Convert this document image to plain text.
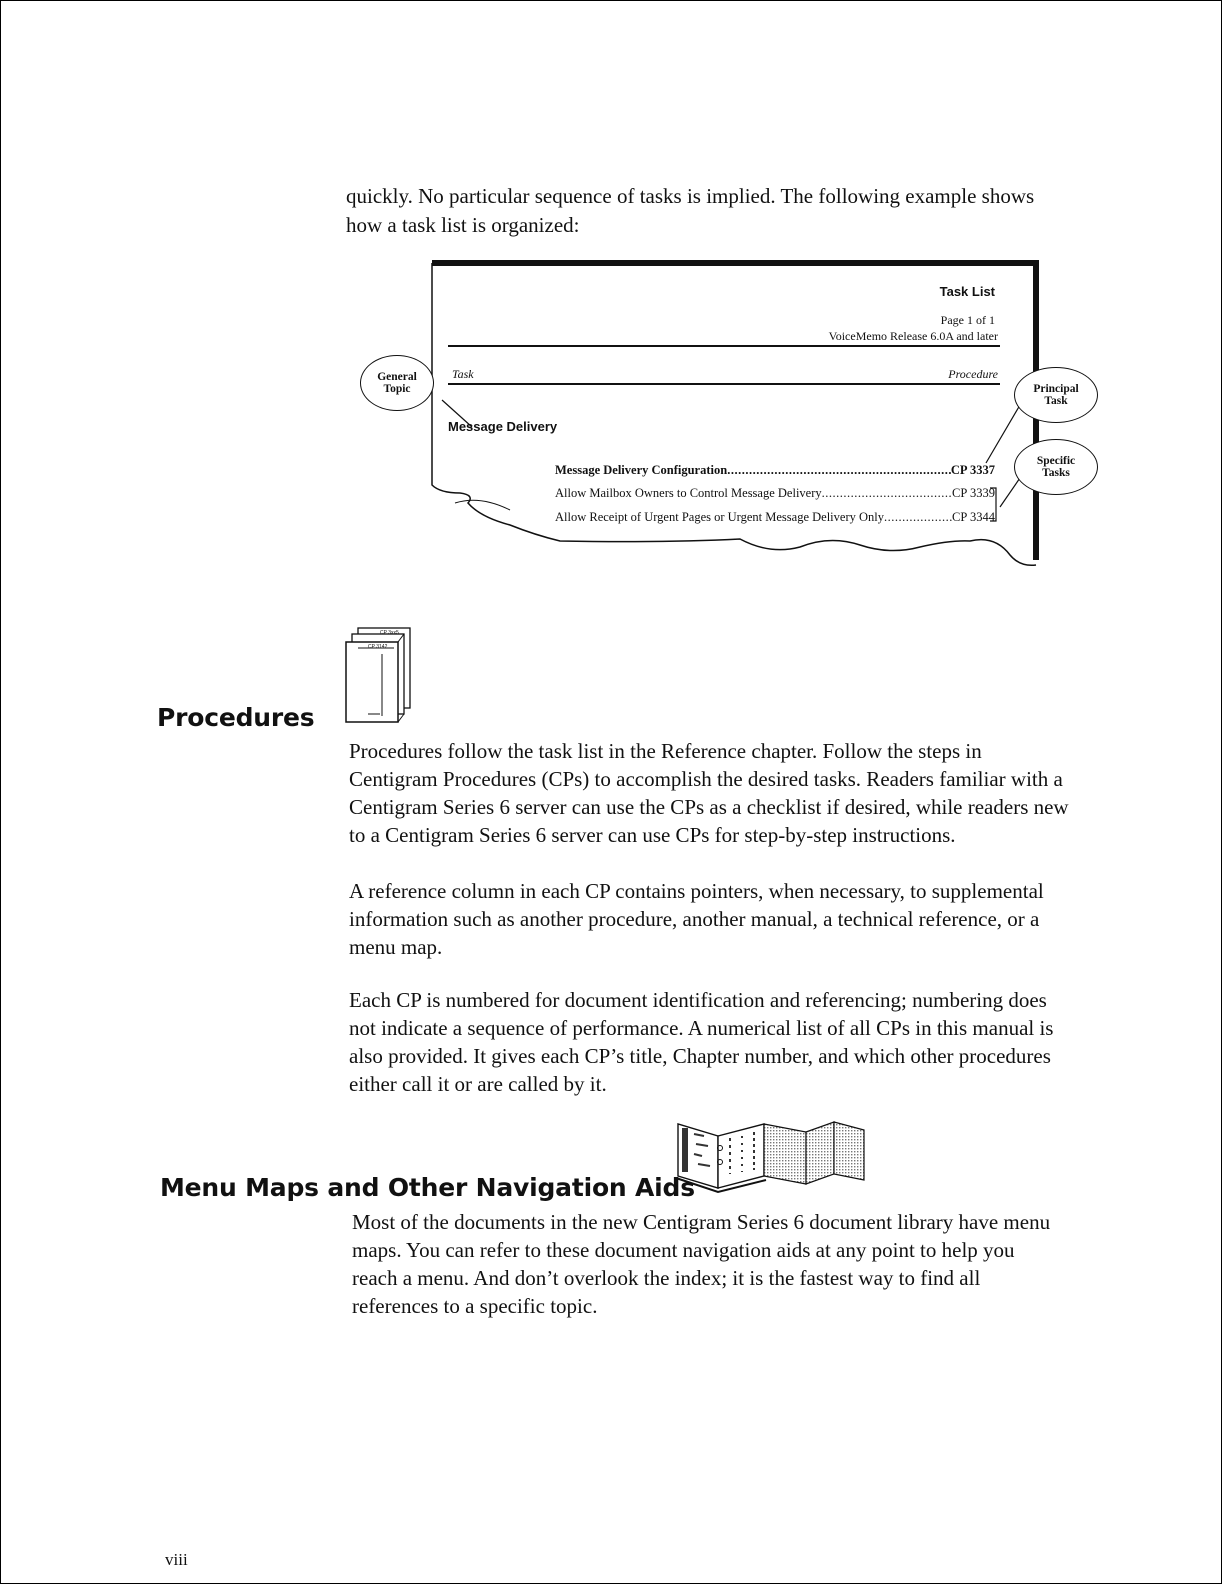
quickly. No particular sequence of tasks is implied. The following example shows

how a task list is organized:

Task List
Page 1 of 1
VoiceMemo Release 6.0A and later
Task	Procedure
Message Delivery
Message Delivery Configuration .....	CP 3337
Allow Mailbox Owners to Control Message Delivery .....	CP 3339
Allow Receipt of Urgent Pages or Urgent Message Delivery Only .....	CP 3344
General
Topic	Principal
Task
Specific
Tasks
CP 3xx5
CP 3142
Procedures

Procedures follow the task list in the Reference chapter. Follow the steps in

Centigram Procedures (CPs) to accomplish the desired tasks. Readers familiar with a

Centigram Series 6 server can use the CPs as a checklist if desired, while readers new

to a Centigram Series 6 server can use CPs for step-by-step instructions.

A reference column in each CP contains pointers, when necessary, to supplemental

information such as another procedure, another manual, a technical reference, or a

menu map.

Each CP is numbered for document identification and referencing; numbering does

not indicate a sequence of performance. A numerical list of all CPs in this manual is

also provided. It gives each CP’s title, Chapter number, and which other procedures

either call it or are called by it.

Menu Maps and Other Navigation Aids

Most of the documents in the new Centigram Series 6 document library have menu

maps. You can refer to these document navigation aids at any point to help you

reach a menu. And don’t overlook the index; it is the fastest way to find all

references to a specific topic.

viii
